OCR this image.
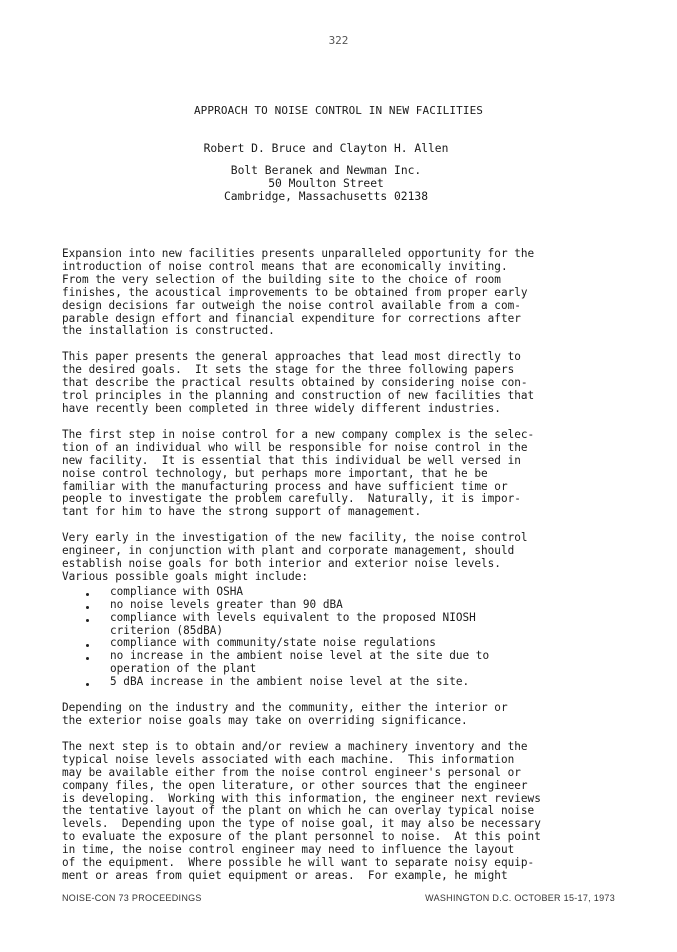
322
APPROACH TO NOISE CONTROL IN NEW FACILITIES
Robert D. Bruce and Clayton H. Allen
Bolt Beranek and Newman Inc.
50 Moulton Street
Cambridge, Massachusetts 02138

Expansion into new facilities presents unparalleled opportunity for the
introduction of noise control means that are economically inviting.
From the very selection of the building site to the choice of room
finishes, the acoustical improvements to be obtained from proper early
design decisions far outweigh the noise control available from a com-
parable design effort and financial expenditure for corrections after
the installation is constructed.

This paper presents the general approaches that lead most directly to
the desired goals.  It sets the stage for the three following papers
that describe the practical results obtained by considering noise con-
trol principles in the planning and construction of new facilities that
have recently been completed in three widely different industries.

The first step in noise control for a new company complex is the selec-
tion of an individual who will be responsible for noise control in the
new facility.  It is essential that this individual be well versed in
noise control technology, but perhaps more important, that he be
familiar with the manufacturing process and have sufficient time or
people to investigate the problem carefully.  Naturally, it is impor-
tant for him to have the strong support of management.

Very early in the investigation of the new facility, the noise control
engineer, in conjunction with plant and corporate management, should
establish noise goals for both interior and exterior noise levels.
Various possible goals might include:

compliance with OSHA
no noise levels greater than 90 dBA
compliance with levels equivalent to the proposed NIOSH
criterion (85dBA)
compliance with community/state noise regulations
no increase in the ambient noise level at the site due to
operation of the plant
5 dBA increase in the ambient noise level at the site.

Depending on the industry and the community, either the interior or
the exterior noise goals may take on overriding significance.

The next step is to obtain and/or review a machinery inventory and the
typical noise levels associated with each machine.  This information
may be available either from the noise control engineer's personal or
company files, the open literature, or other sources that the engineer
is developing.  Working with this information, the engineer next reviews
the tentative layout of the plant on which he can overlay typical noise
levels.  Depending upon the type of noise goal, it may also be necessary
to evaluate the exposure of the plant personnel to noise.  At this point
in time, the noise control engineer may need to influence the layout
of the equipment.  Where possible he will want to separate noisy equip-
ment or areas from quiet equipment or areas.  For example, he might

NOISE-CON 73 PROCEEDINGS	WASHINGTON D.C. OCTOBER 15-17, 1973
